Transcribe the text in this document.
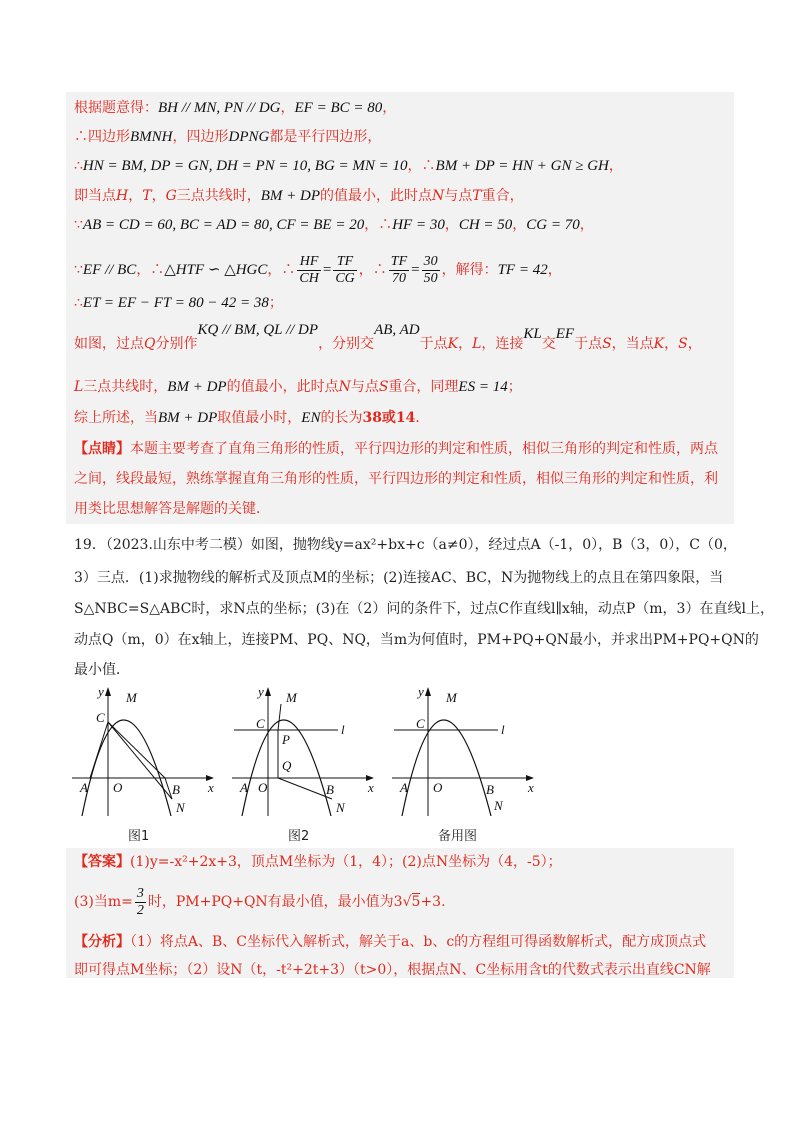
根据题意得：BH // MN, PN // DG，EF = BC = 80，
∴四边形BMNH，四边形DPNG都是平行四边形，
∴HN = BM, DP = GN, DH = PN = 10, BG = MN = 10，∴BM + DP = HN + GN ≥ GH，
即当点H，T，G三点共线时，BM + DP的值最小，此时点N与点T重合，
∵AB = CD = 60, BC = AD = 80, CF = BE = 20，∴HF = 30，CH = 50，CG = 70，
∵EF // BC，∴△HTF ∽ △HGC，∴ $\frac{HF}{CH} = \frac{TF}{CG}$ ，∴ $\frac{TF}{70} = \frac{30}{50}$ ，解得：TF = 42，
∴ET = EF − FT = 80 − 42 = 38；
如图，过点Q分别作KQ // BM, QL // DP，分别交AB, AD于点K，L，连接KL交EF于点S，当点K，S，
L三点共线时，BM + DP的值最小，此时点N与点S重合，同理ES = 14；
综上所述，当BM + DP取值最小时，EN的长为38或14．
【点睛】本题主要考查了直角三角形的性质，平行四边形的判定和性质，相似三角形的判定和性质，两点
之间，线段最短，熟练掌握直角三角形的性质，平行四边形的判定和性质，相似三角形的判定和性质，利
用类比思想解答是解题的关键．
19．（2023.山东中考二模）如图，抛物线y=ax²+bx+c（a≠0），经过点A（-1，0），B（3，0），C（0，
3）三点．(1)求抛物线的解析式及顶点M的坐标；(2)连接AC、BC，N为抛物线上的点且在第四象限，当
S△NBC=S△ABC时，求N点的坐标；(3)在（2）问的条件下，过点C作直线l∥x轴，动点P（m，3）在直线l上，
动点Q（m，0）在x轴上，连接PM、PQ、NQ，当m为何值时，PM+PQ+QN最小，并求出PM+PQ+QN的
最小值．
y
x
M
C
A O	B
N
图1
y
x
M
C	l
P
Q
A O	B
N
图2
y
x
M
C	l
A O	B
N
备用图
【答案】(1)y=-x²+2x+3，顶点M坐标为（1，4）；(2)点N坐标为（4，-5）；
(3)当$m= \frac{3}{2}$ 时，PM+PQ+QN有最小值，最小值为3√5+3.
【分析】（1）将点A、B、C坐标代入解析式，解关于a、b、c的方程组可得函数解析式，配方成顶点式
即可得点M坐标；（2）设N（t，-t²+2t+3）（t>0），根据点N、C坐标用含t的代数式表示出直线CN解
